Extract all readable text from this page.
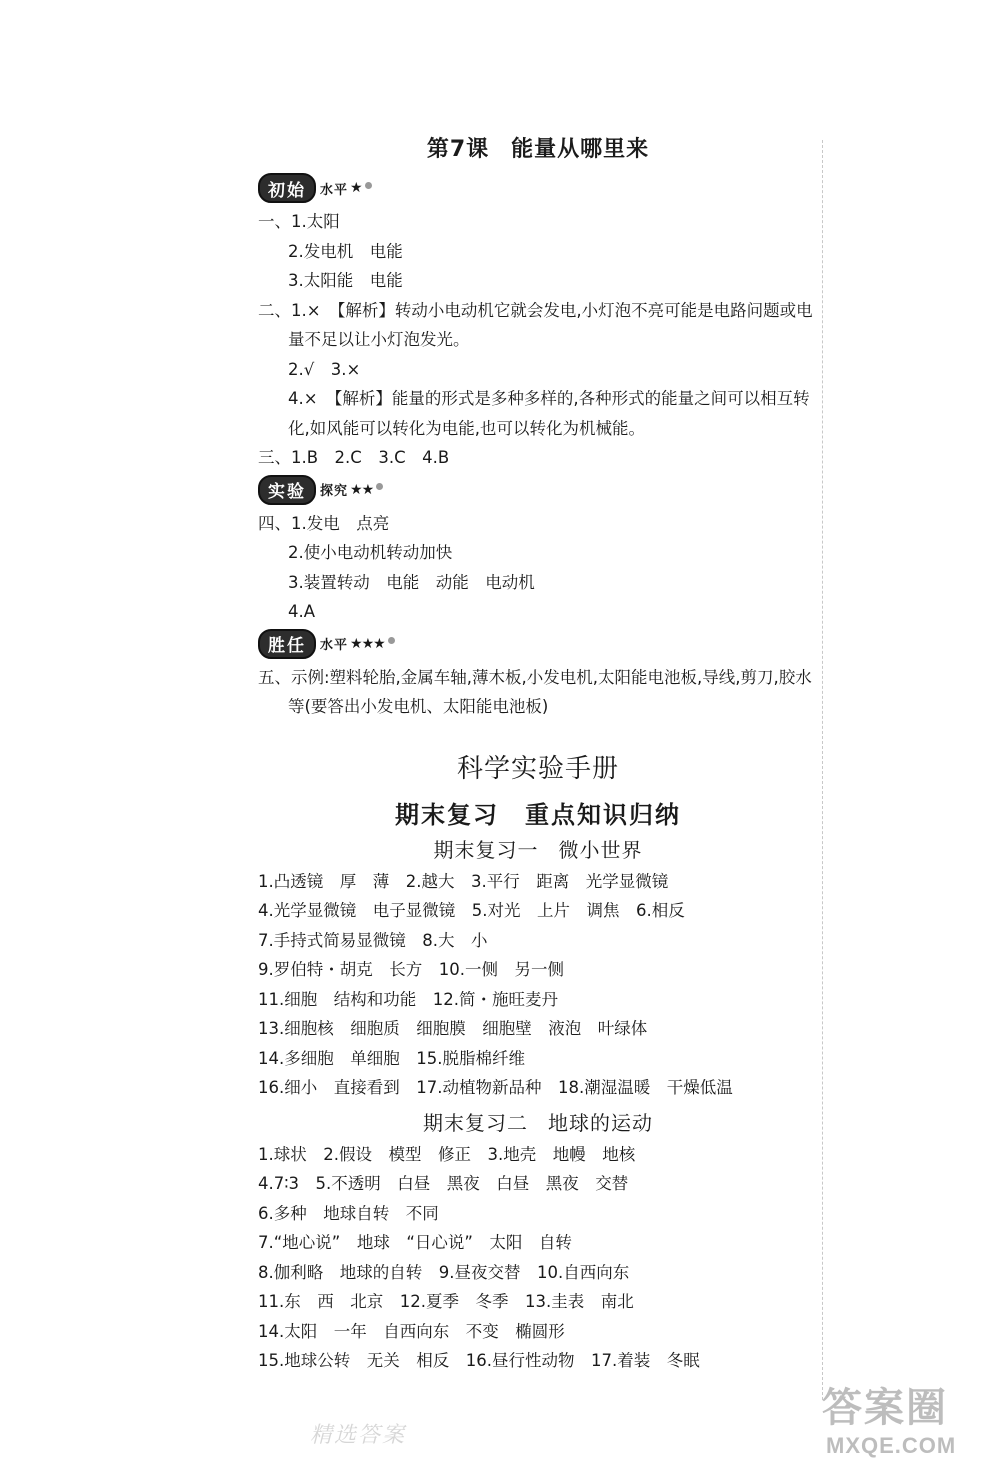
第7课 能量从哪里来
初始	水平 ★
一、1.太阳
2.发电机　电能
3.太阳能　电能
二、1.×　【解析】转动小电动机它就会发电,小灯泡不亮可能是电路问题或电量不足以让小灯泡发光。
2.√　3.×
4.×　【解析】能量的形式是多种多样的,各种形式的能量之间可以相互转化,如风能可以转化为电能,也可以转化为机械能。
三、1.B　2.C　3.C　4.B
实验	探究 ★★
四、1.发电　点亮
2.使小电动机转动加快
3.装置转动　电能　动能　电动机
4.A
胜任	水平 ★★★
五、示例:塑料轮胎,金属车轴,薄木板,小发电机,太阳能电池板,导线,剪刀,胶水等(要答出小发电机、太阳能电池板)
科学实验手册
期末复习 重点知识归纳
期末复习一 微小世界
1.凸透镜　厚　薄　2.越大　3.平行　距离　光学显微镜
4.光学显微镜　电子显微镜　5.对光　上片　调焦　6.相反
7.手持式简易显微镜　8.大　小
9.罗伯特・胡克　长方　10.一侧　另一侧
11.细胞　结构和功能　12.简・施旺麦丹
13.细胞核　细胞质　细胞膜　细胞壁　液泡　叶绿体
14.多细胞　单细胞　15.脱脂棉纤维
16.细小　直接看到　17.动植物新品种　18.潮湿温暖　干燥低温
期末复习二 地球的运动
1.球状　2.假设　模型　修正　3.地壳　地幔　地核
4.7∶3　5.不透明　白昼　黑夜　白昼　黑夜　交替
6.多种　地球自转　不同
7.“地心说”　地球　“日心说”　太阳　自转
8.伽利略　地球的自转　9.昼夜交替　10.自西向东
11.东　西　北京　12.夏季　冬季　13.圭表　南北
14.太阳　一年　自西向东　不变　椭圆形
15.地球公转　无关　相反　16.昼行性动物　17.着装　冬眠
精选答案
答案圈
MXQE.COM
